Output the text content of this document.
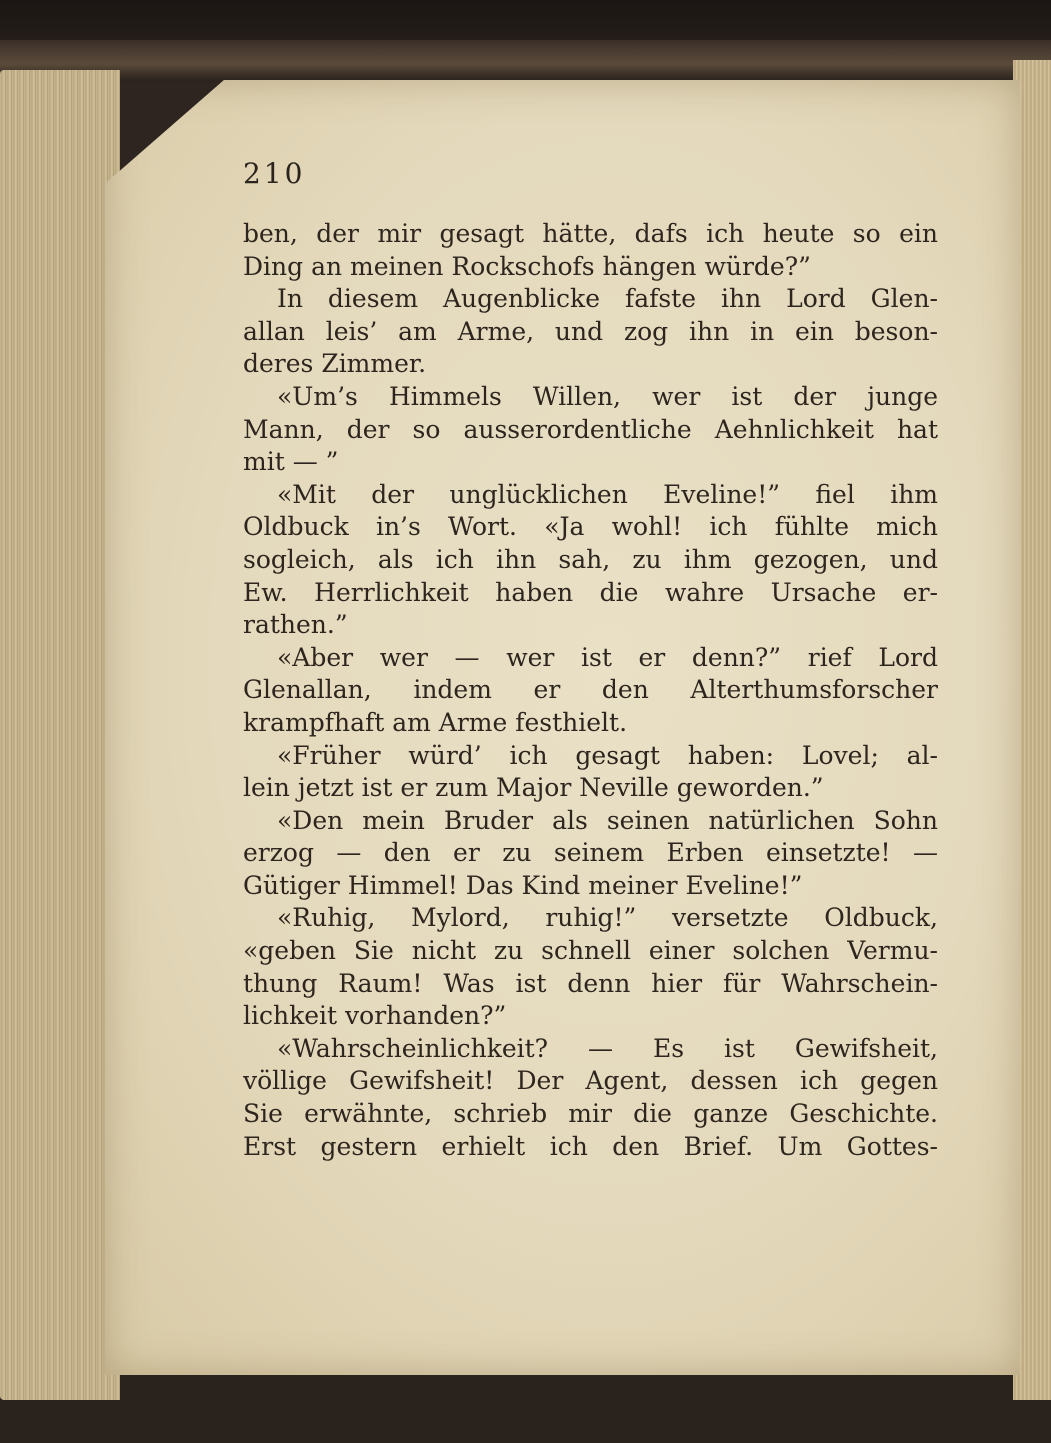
210

ben, der mir gesagt hätte, dafs ich heute so ein
Ding an meinen Rockschofs hängen würde?”
In diesem Augenblicke fafste ihn Lord Glen-
allan leis’ am Arme, und zog ihn in ein beson-
deres Zimmer.
«Um’s Himmels Willen, wer ist der junge
Mann, der so ausserordentliche Aehnlichkeit hat
mit — ”
«Mit der unglücklichen Eveline!” fiel ihm
Oldbuck in’s Wort. «Ja wohl! ich fühlte mich
sogleich, als ich ihn sah, zu ihm gezogen, und
Ew. Herrlichkeit haben die wahre Ursache er-
rathen.”
«Aber wer — wer ist er denn?” rief Lord
Glenallan, indem er den Alterthumsforscher
krampfhaft am Arme festhielt.
«Früher würd’ ich gesagt haben: Lovel; al-
lein jetzt ist er zum Major Neville geworden.”
«Den mein Bruder als seinen natürlichen Sohn
erzog — den er zu seinem Erben einsetzte! —
Gütiger Himmel! Das Kind meiner Eveline!”
«Ruhig, Mylord, ruhig!” versetzte Oldbuck,
«geben Sie nicht zu schnell einer solchen Vermu-
thung Raum! Was ist denn hier für Wahrschein-
lichkeit vorhanden?”
«Wahrscheinlichkeit? — Es ist Gewifsheit,
völlige Gewifsheit! Der Agent, dessen ich gegen
Sie erwähnte, schrieb mir die ganze Geschichte.
Erst gestern erhielt ich den Brief. Um Gottes-
